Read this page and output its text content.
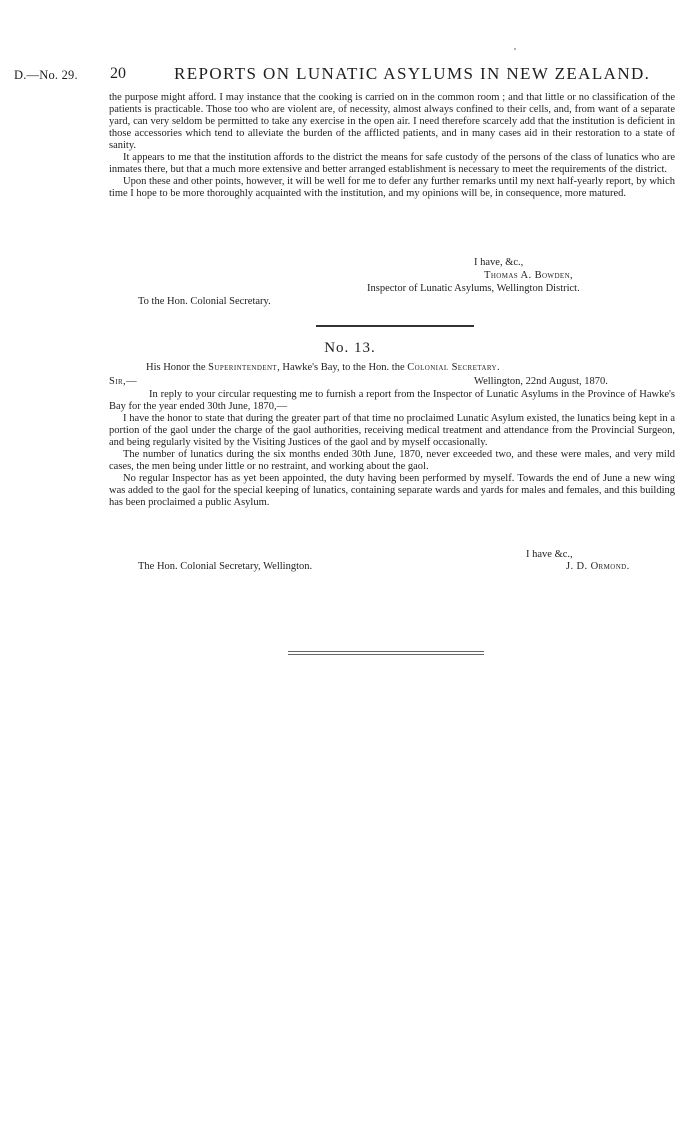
D.—No. 29. 20	REPORTS ON LUNATIC ASYLUMS IN NEW ZEALAND.

the purpose might afford. I may instance that the cooking is carried on in the common room ; and that little or no classification of the patients is practicable. Those too who are violent are, of necessity, almost always confined to their cells, and, from want of a separate yard, can very seldom be permitted to take any exercise in the open air. I need therefore scarcely add that the institution is deficient in those accessories which tend to alleviate the burden of the afflicted patients, and in many cases aid in their restoration to a state of sanity.

It appears to me that the institution affords to the district the means for safe custody of the persons of the class of lunatics who are inmates there, but that a much more extensive and better arranged establishment is necessary to meet the requirements of the district.

Upon these and other points, however, it will be well for me to defer any further remarks until my next half-yearly report, by which time I hope to be more thoroughly acquainted with the institution, and my opinions will be, in consequence, more matured.

I have, &c.,
Thomas A. Bowden,
Inspector of Lunatic Asylums, Wellington District.
To the Hon. Colonial Secretary.
No. 13.
His Honor the Superintendent, Hawke's Bay, to the Hon. the Colonial Secretary.
Sir,—	Wellington, 22nd August, 1870.

In reply to your circular requesting me to furnish a report from the Inspector of Lunatic Asylums in the Province of Hawke's Bay for the year ended 30th June, 1870,—

I have the honor to state that during the greater part of that time no proclaimed Lunatic Asylum existed, the lunatics being kept in a portion of the gaol under the charge of the gaol authorities, receiving medical treatment and attendance from the Provincial Surgeon, and being regularly visited by the Visiting Justices of the gaol and by myself occasionally.

The number of lunatics during the six months ended 30th June, 1870, never exceeded two, and these were males, and very mild cases, the men being under little or no restraint, and working about the gaol.

No regular Inspector has as yet been appointed, the duty having been performed by myself. Towards the end of June a new wing was added to the gaol for the special keeping of lunatics, containing separate wards and yards for males and females, and this building has been proclaimed a public Asylum.

I have &c.,
The Hon. Colonial Secretary, Wellington.	J. D. Ormond.
